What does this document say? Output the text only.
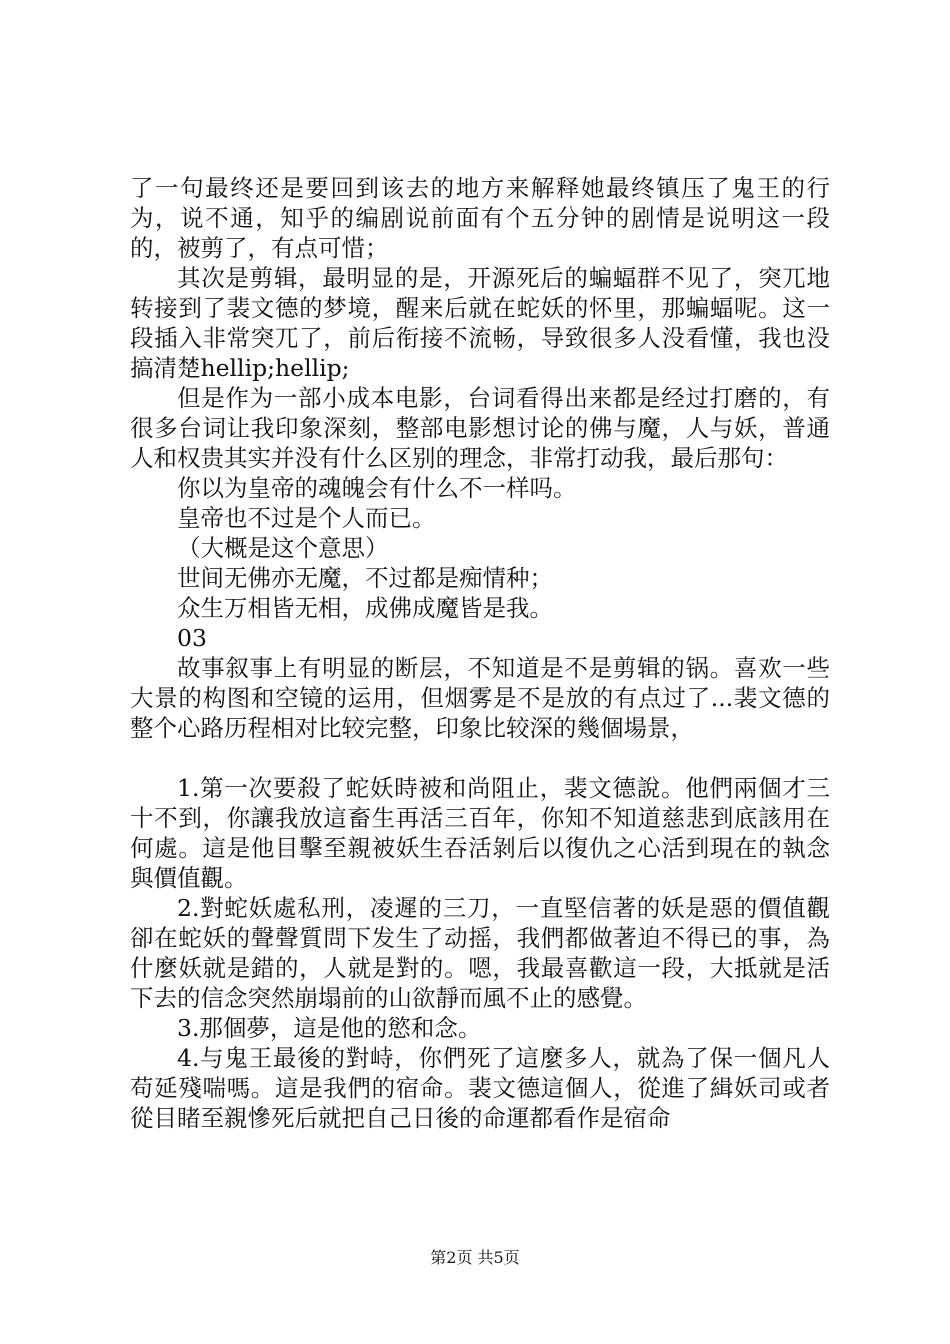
了一句最终还是要回到该去的地方来解释她最终镇压了鬼王的行为，说不通，知乎的编剧说前面有个五分钟的剧情是说明这一段的，被剪了，有点可惜；

其次是剪辑，最明显的是，开源死后的蝙蝠群不见了，突兀地转接到了裴文德的梦境，醒来后就在蛇妖的怀里，那蝙蝠呢。这一段插入非常突兀了，前后衔接不流畅，导致很多人没看懂，我也没搞清楚hellip;hellip;

但是作为一部小成本电影，台词看得出来都是经过打磨的，有很多台词让我印象深刻，整部电影想讨论的佛与魔，人与妖，普通人和权贵其实并没有什么区别的理念，非常打动我，最后那句：

你以为皇帝的魂魄会有什么不一样吗。

皇帝也不过是个人而已。

（大概是这个意思）

世间无佛亦无魔，不过都是痴情种；

众生万相皆无相，成佛成魔皆是我。

03

故事叙事上有明显的断层，不知道是不是剪辑的锅。喜欢一些大景的构图和空镜的运用，但烟雾是不是放的有点过了...裴文德的整个心路历程相对比较完整，印象比较深的幾個場景，

1.第一次要殺了蛇妖時被和尚阻止，裴文德說。他們兩個才三十不到，你讓我放這畜生再活三百年，你知不知道慈悲到底該用在何處。這是他目擊至親被妖生吞活剝后以復仇之心活到現在的執念與價值觀。

2.對蛇妖處私刑，凌遲的三刀，一直堅信著的妖是惡的價值觀卻在蛇妖的聲聲質問下发生了动摇，我們都做著迫不得已的事，為什麼妖就是錯的，人就是對的。嗯，我最喜歡這一段，大抵就是活下去的信念突然崩塌前的山欲靜而風不止的感覺。

3.那個夢，這是他的慾和念。

4.与鬼王最後的對峙，你們死了這麼多人，就為了保一個凡人苟延殘喘嗎。這是我們的宿命。裴文德這個人，從進了緝妖司或者從目睹至親慘死后就把自己日後的命運都看作是宿命

第2页 共5页
